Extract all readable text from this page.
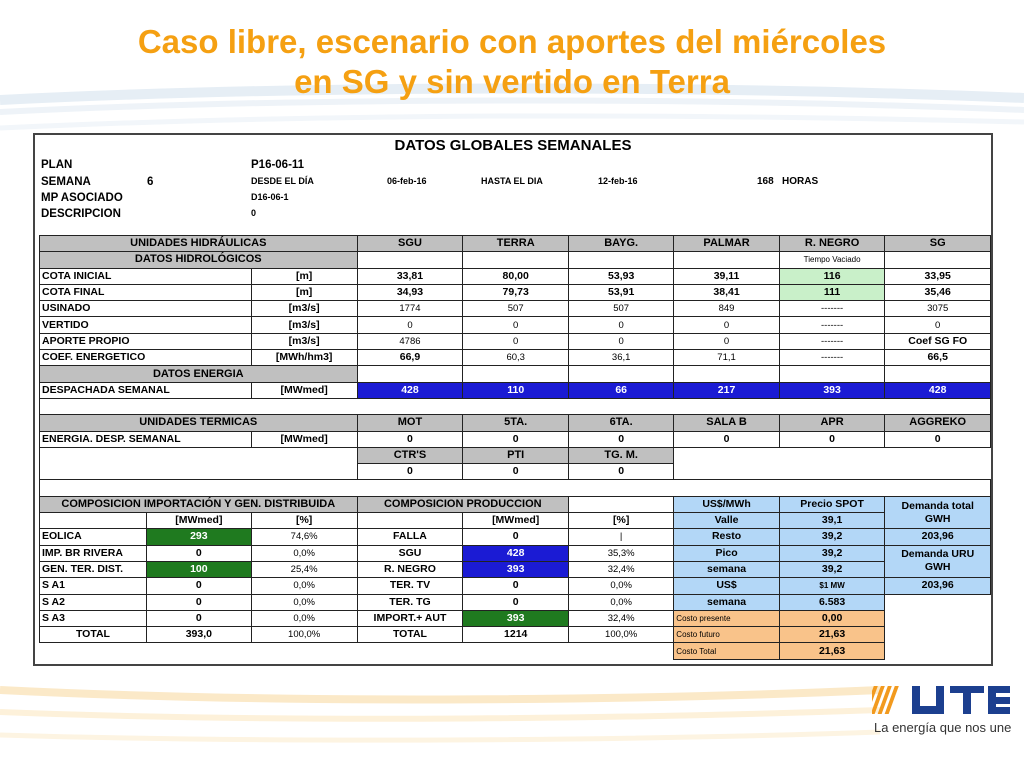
Caso libre, escenario con aportes del miércoles
en SG y sin vertido en Terra
DATOS GLOBALES SEMANALES
PLAN	P16-06-11
SEMANA	6	DESDE EL DÍA	06-feb-16	HASTA EL DIA	12-feb-16	168 HORAS
MP ASOCIADO	D16-06-1
DESCRIPCION	0
UNIDADES HIDRÁULICAS			SGU	TERRA	BAYG.	PALMAR	R. NEGRO	SG
DATOS HIDROLÓGICOS							Tiempo Vaciado	
COTA INICIAL		[m]	33,81	80,00	53,93	39,11	116	33,95
COTA FINAL		[m]	34,93	79,73	53,91	38,41	111	35,46
USINADO		[m3/s]	1774	507	507	849	-------	3075
VERTIDO		[m3/s]	0	0	0	0	-------	0
APORTE PROPIO		[m3/s]	4786	0	0	0	-------	Coef SG FO
COEF. ENERGETICO		[MWh/hm3]	66,9	60,3	36,1	71,1	-------	66,5
DATOS ENERGIA								
DESPACHADA SEMANAL		[MWmed]	428	110	66	217	393	428

UNIDADES TERMICAS			MOT	5TA.	6TA.	SALA B	APR	AGGREKO
ENERGIA. DESP. SEMANAL		[MWmed]	0	0	0	0	0	0
			CTR'S	PTI	TG. M.			
			0	0	0			

COMPOSICION IMPORTACIÓN Y GEN. DISTRIBUIDA			COMPOSICION PRODUCCION			US$/MWh	Precio SPOT	Demanda total GWH
	[MWmed]	[%]		[MWmed]	[%]	Valle	39,1	
EOLICA	293	74,6%	FALLA	0	|	Resto	39,2	203,96
IMP. BR RIVERA	0	0,0%	SGU	428	35,3%	Pico	39,2	Demanda URU GWH
GEN. TER. DIST.	100	25,4%	R. NEGRO	393	32,4%	semana	39,2	
S A1	0	0,0%	TER. TV	0	0,0%	US$	$1 MW	203,96
S A2	0	0,0%	TER. TG	0	0,0%	semana	6.583	
S A3	0	0,0%	IMPORT.+ AUT	393	32,4%	Costo presente	0,00	
TOTAL	393,0	100,0%	TOTAL	1214	100,0%	Costo futuro	21,63	
						Costo Total	21,63	
La energía que nos une
